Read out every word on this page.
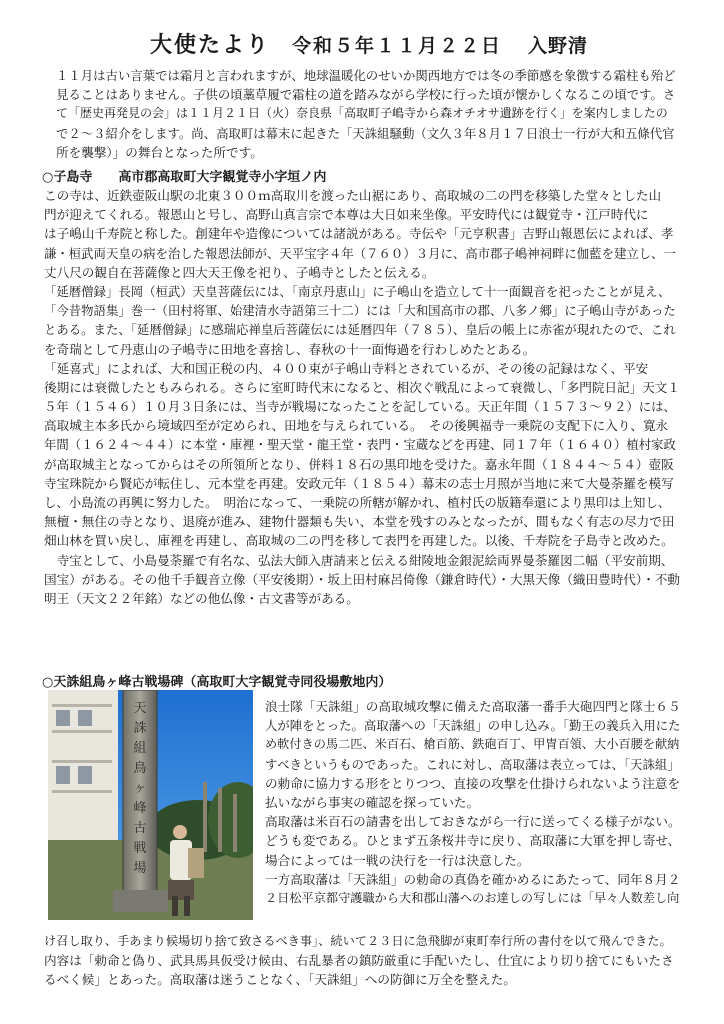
大使たより 令和５年１１月２２日 入野清
１１月は古い言葉では霜月と言われますが、地球温暖化のせいか関西地方では冬の季節感を象徴する霜柱も殆ど
見ることはありません。子供の頃藁草履で霜柱の道を踏みながら学校に行った頃が懐かしくなるこの頃です。さ
て「歴史再発見の会」は１１月２１日（火）奈良県「高取町子嶋寺から森オチオサ遺跡を行く」を案内しましたの
で２～３紹介をします。尚、高取町は幕末に起きた「天誅組騒動（文久３年８月１７日浪士一行が大和五條代官
所を襲撃）」の舞台となった所です。
○子島寺　　高市郡高取町大字観覚寺小字垣ノ内
この寺は、近鉄壺阪山駅の北東３００ｍ高取川を渡った山裾にあり、高取城の二の門を移築した堂々とした山
門が迎えてくれる。報恩山と号し、高野山真言宗で本尊は大日如来坐像。平安時代には観覚寺・江戸時代に
は子嶋山千寿院と称した。創建年や造像については諸説がある。寺伝や「元亨釈書」吉野山報恩伝によれば、孝
謙・桓武両天皇の病を治した報恩法師が、天平宝字４年（７６０）３月に、高市郡子嶋神祠畔に伽藍を建立し、一
丈八尺の観自在菩薩像と四大天王像を祀り、子嶋寺としたと伝える。
「延暦僧録」長岡（桓武）天皇菩薩伝には、「南京丹恵山」に子嶋山を造立して十一面観音を祀ったことが見え、
「今昔物語集」巻一（田村将軍、始建清水寺語第三十二）には「大和国高市の郡、八多ノ郷」に子嶋山寺があった
とある。また、「延暦僧録」に感瑞応禅皇后菩薩伝には延暦四年（７８５）、皇后の帳上に赤雀が現れたので、これ
を奇瑞として丹恵山の子嶋寺に田地を喜捨し、春秋の十一面悔過を行わしめたとある。
「延喜式」によれば、大和国正税の内、４００束が子嶋山寺料とされているが、その後の記録はなく、平安
後期には衰微したともみられる。さらに室町時代末になると、相次ぐ戦乱によって衰微し、「多門院日記」天文１
５年（１５４６）１０月３日条には、当寺が戦場になったことを記している。天正年間（１５７３～９２）には、
高取城主本多氏から境域四至が定められ、田地を与えられている。　その後興福寺一乗院の支配下に入り、寛永
年間（１６２４～４４）に本堂・庫裡・聖天堂・龍王堂・表門・宝蔵などを再建、同１７年（１６４０）植村家政
が高取城主となってからはその所領所となり、併料１８石の黒印地を受けた。嘉永年間（１８４４～５４）壺阪
寺宝珠院から賢応が転住し、元本堂を再建。安政元年（１８５４）幕末の志士月照が当地に来て大曼荼羅を模写
し、小島流の再興に努力した。　明治になって、一乗院の所轄が解かれ、植村氏の版籍奉還により黒印は上知し、
無檀・無住の寺となり、退廃が進み、建物什器類も失い、本堂を残すのみとなったが、間もなく有志の尽力で田
畑山林を買い戻し、庫裡を再建し、高取城の二の門を移して表門を再建した。以後、千寿院を子島寺と改めた。
　寺宝として、小島曼荼羅で有名な、弘法大師入唐請来と伝える紺陵地金銀泥絵両界曼荼羅図二幅（平安前期、
国宝）がある。その他千手観音立像（平安後期）・坂上田村麻呂倚像（鎌倉時代）・大黒天像（織田豊時代）・不動
明王（天文２２年銘）などの他仏像・古文書等がある。
○天誅組鳥ヶ峰古戦場碑（高取町大字観覚寺同役場敷地内）
天
誅
組
鳥
ヶ
峰
古
戦
場
浪士隊「天誅組」の高取城攻撃に備えた高取藩一番手大砲四門と隊士６５
人が陣をとった。高取藩への「天誅組」の申し込み。「勤王の義兵入用にた
め軟付きの馬二匹、米百石、槍百筋、鉄砲百丁、甲冑百領、大小百腰を献納
すべきというものであった。これに対し、高取藩は表立っては、「天誅組」
の勅命に協力する形をとりつつ、直接の攻撃を仕掛けられないよう注意を
払いながら事実の確認を探っていた。
高取藩は米百石の請書を出しておきながら一行に送ってくる様子がない。
どうも変である。ひとまず五条桜井寺に戻り、高取藩に大軍を押し寄せ、
場合によっては一戦の決行を一行は決意した。
一方高取藩は「天誅組」の勅命の真偽を確かめるにあたって、同年８月２
２日松平京都守護職から大和郡山藩へのお達しの写しには「早々人数差し向
け召し取り、手あまり候場切り捨て致さるべき事」、続いて２３日に急飛脚が東町奉行所の書付を以て飛んできた。
内容は「勅命と偽り、武具馬具仮受け候由、右乱暴者の鎮防厳重に手配いたし、仕宜により切り捨てにもいたさ
るべく候」とあった。高取藩は迷うことなく、「天誅組」への防御に万全を整えた。
